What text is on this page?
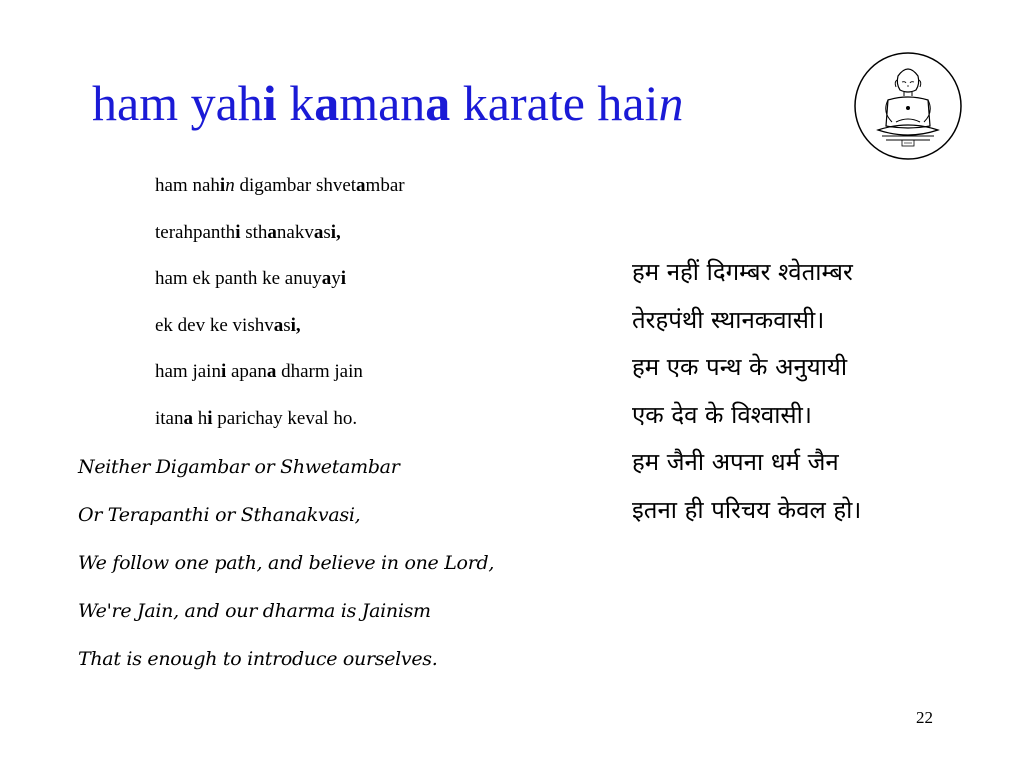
ham yahi kamana karate hain
ham nahin digambar shvetambar
terahpanthi sthanakvasi,
ham ek panth ke anuyayi
ek dev ke vishvasi,
ham jaini apana dharm jain
itana hi parichay keval ho.
हम नहीं दिगम्बर श्वेताम्बर
तेरहपंथी स्थानकवासी।
हम एक पन्थ के अनुयायी
एक देव के विश्वासी।
हम जैनी अपना धर्म जैन
इतना ही परिचय केवल हो।
Neither Digambar or Shwetambar
Or Terapanthi or Sthanakvasi,
We follow one path, and believe in one Lord,
We're Jain, and our dharma is Jainism
That is enough to introduce ourselves.
22
